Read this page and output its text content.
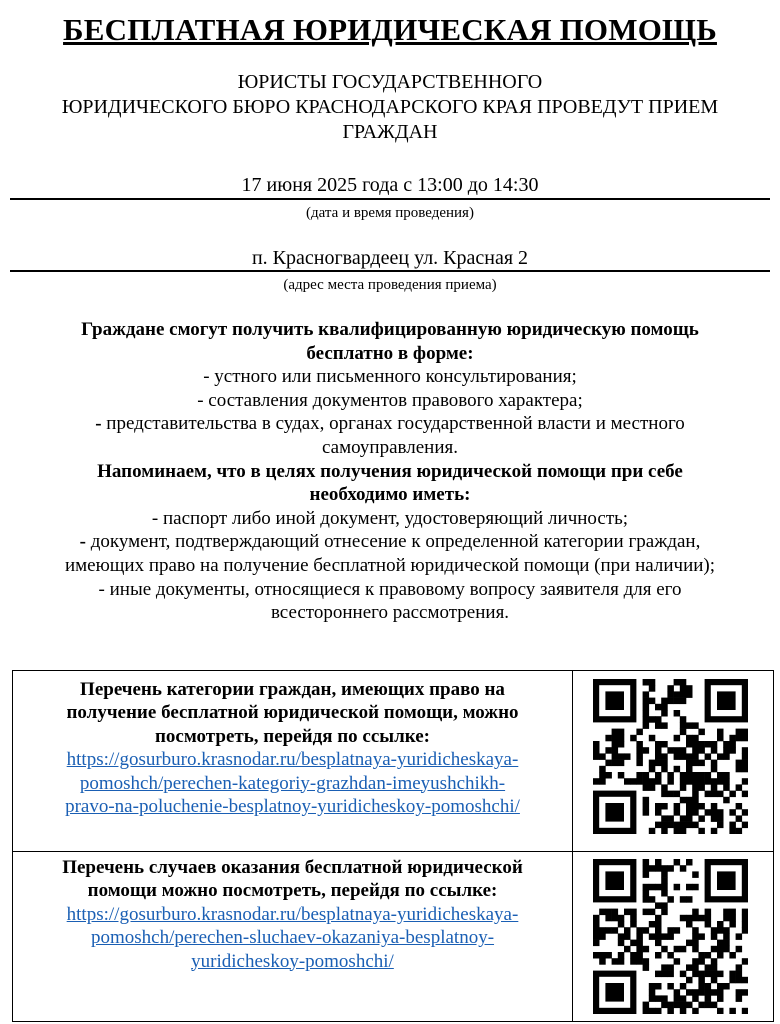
БЕСПЛАТНАЯ ЮРИДИЧЕСКАЯ ПОМОЩЬ
ЮРИСТЫ ГОСУДАРСТВЕННОГО
ЮРИДИЧЕСКОГО БЮРО КРАСНОДАРСКОГО КРАЯ ПРОВЕДУТ ПРИЕМ
ГРАЖДАН
17 июня 2025 года с 13:00 до 14:30
(дата и время проведения)
п. Красногвардеец ул. Красная 2
(адрес места проведения приема)

Граждане смогут получить квалифицированную юридическую помощь

бесплатно в форме:

- устного или письменного консультирования;

- составления документов правового характера;

- представительства в судах, органах государственной власти и местного

самоуправления.

Напоминаем, что в целях получения юридической помощи при себе

необходимо иметь:

- паспорт либо иной документ, удостоверяющий личность;

- документ, подтверждающий отнесение к определенной категории граждан,

имеющих право на получение бесплатной юридической помощи (при наличии);

- иные документы, относящиеся к правовому вопросу заявителя для его

всестороннего рассмотрения.

Перечень категории граждан, имеющих право на
получение бесплатной юридической помощи, можно
посмотреть, перейдя по ссылке:
https://gosurburo.krasnodar.ru/besplatnaya-yuridicheskaya-
pomoshch/perechen-kategoriy-grazhdan-imeyushchikh-
pravo-na-poluchenie-besplatnoy-yuridicheskoy-pomoshchi/
Перечень случаев оказания бесплатной юридической
помощи можно посмотреть, перейдя по ссылке:
https://gosurburo.krasnodar.ru/besplatnaya-yuridicheskaya-
pomoshch/perechen-sluchaev-okazaniya-besplatnoy-
yuridicheskoy-pomoshchi/
